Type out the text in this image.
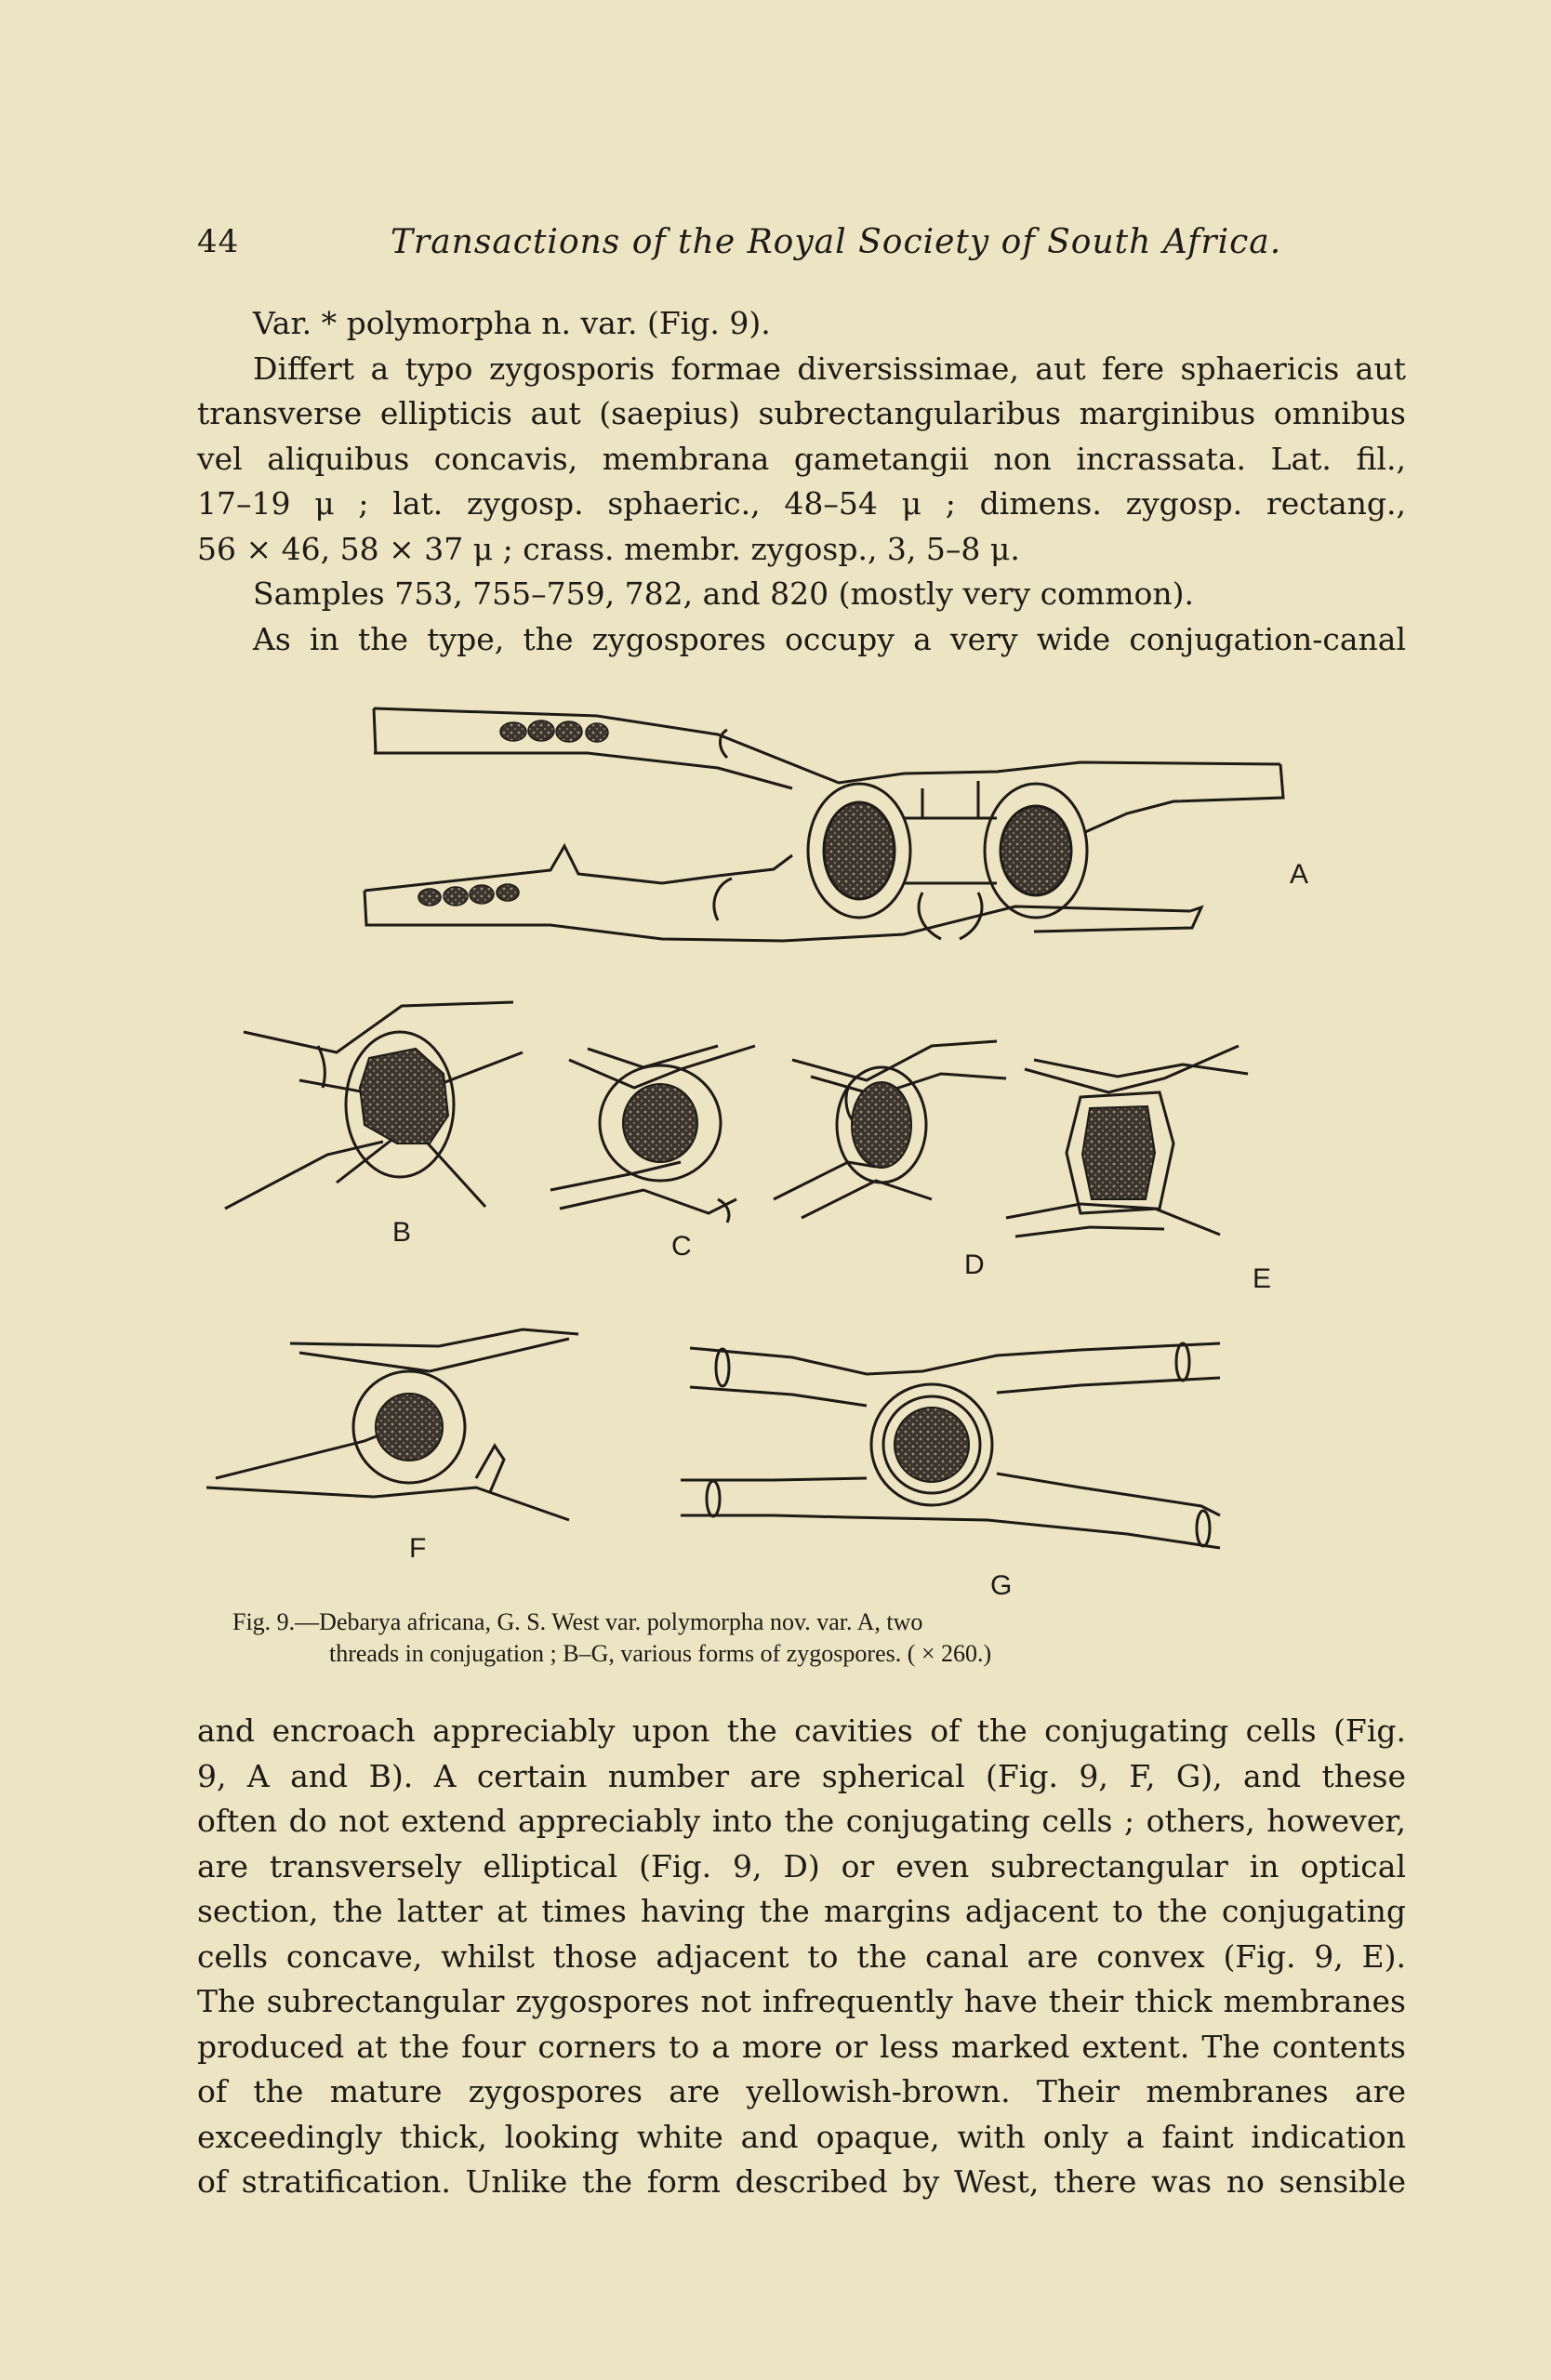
44	Transactions of the Royal Society of South Africa.

Var. * polymorpha n. var. (Fig. 9).

Differt a typo zygosporis formae diversissimae, aut fere sphaericis aut

transverse ellipticis aut (saepius) subrectangularibus marginibus omnibus

vel aliquibus concavis, membrana gametangii non incrassata. Lat. fil.,

17–19 μ ; lat. zygosp. sphaeric., 48–54 μ ; dimens. zygosp. rectang.,

56 × 46, 58 × 37 μ ; crass. membr. zygosp., 3, 5–8 μ.

Samples 753, 755–759, 782, and 820 (mostly very common).

As in the type, the zygospores occupy a very wide conjugation-canal

A
B	C
D	E
F
G
Fig. 9.—Debarya africana, G. S. West var. polymorpha nov. var. A, two
threads in conjugation ; B–G, various forms of zygospores. ( × 260.)

and encroach appreciably upon the cavities of the conjugating cells (Fig.

9, A and B). A certain number are spherical (Fig. 9, F, G), and these

often do not extend appreciably into the conjugating cells ; others, however,

are transversely elliptical (Fig. 9, D) or even subrectangular in optical

section, the latter at times having the margins adjacent to the conjugating

cells concave, whilst those adjacent to the canal are convex (Fig. 9, E).

The subrectangular zygospores not infrequently have their thick membranes

produced at the four corners to a more or less marked extent. The contents

of the mature zygospores are yellowish-brown. Their membranes are

exceedingly thick, looking white and opaque, with only a faint indication

of stratification. Unlike the form described by West, there was no sensible
